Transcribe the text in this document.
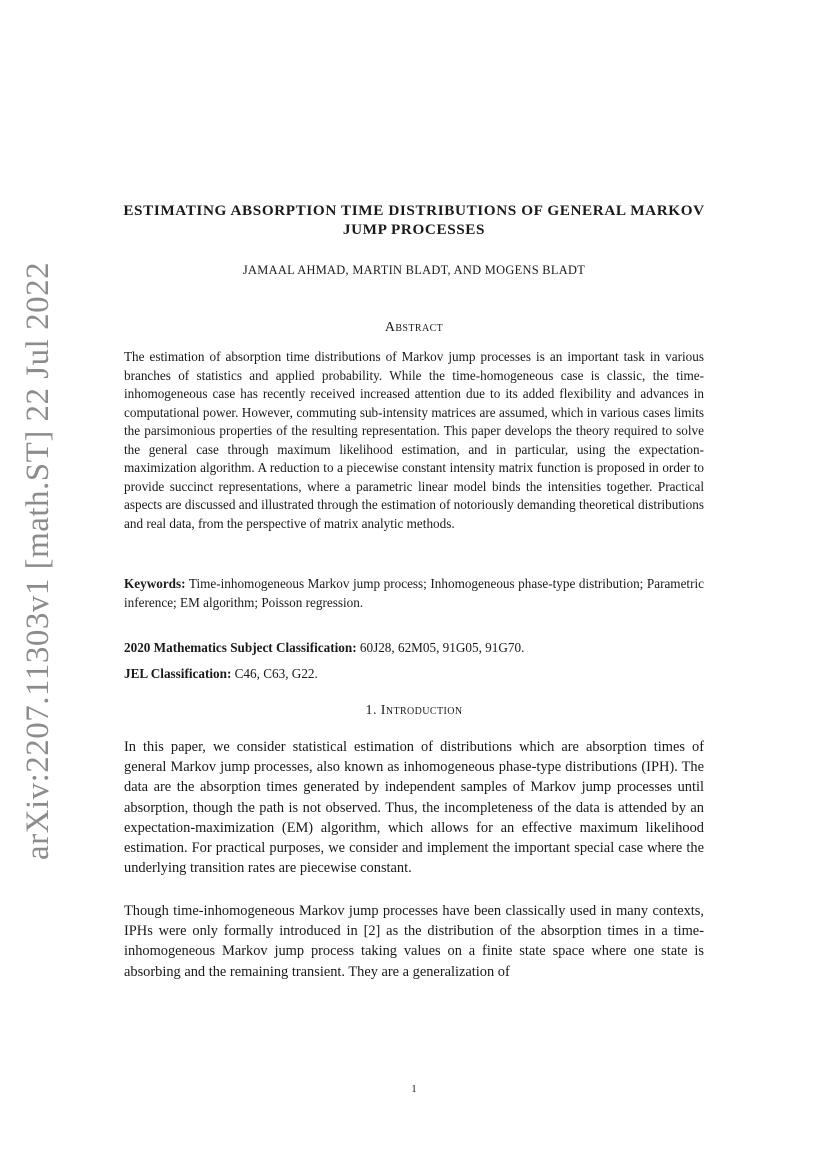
arXiv:2207.11303v1 [math.ST] 22 Jul 2022
ESTIMATING ABSORPTION TIME DISTRIBUTIONS OF GENERAL MARKOV JUMP PROCESSES
JAMAAL AHMAD, MARTIN BLADT, AND MOGENS BLADT
Abstract
The estimation of absorption time distributions of Markov jump processes is an important task in various branches of statistics and applied probability. While the time-homogeneous case is classic, the time-inhomogeneous case has recently received increased attention due to its added flexibility and advances in computational power. However, commuting sub-intensity matrices are assumed, which in various cases limits the parsimonious properties of the resulting representation. This paper develops the theory required to solve the general case through maximum likelihood estimation, and in particular, using the expectation-maximization algorithm. A reduction to a piecewise constant intensity matrix function is proposed in order to provide succinct representations, where a parametric linear model binds the intensities together. Practical aspects are discussed and illustrated through the estimation of notoriously demanding theoretical distributions and real data, from the perspective of matrix analytic methods.
Keywords: Time-inhomogeneous Markov jump process; Inhomogeneous phase-type distribution; Parametric inference; EM algorithm; Poisson regression.
2020 Mathematics Subject Classification: 60J28, 62M05, 91G05, 91G70.
JEL Classification: C46, C63, G22.
1. Introduction
In this paper, we consider statistical estimation of distributions which are absorption times of general Markov jump processes, also known as inhomogeneous phase-type distributions (IPH). The data are the absorption times generated by independent samples of Markov jump processes until absorption, though the path is not observed. Thus, the incompleteness of the data is attended by an expectation-maximization (EM) algorithm, which allows for an effective maximum likelihood estimation. For practical purposes, we consider and implement the important special case where the underlying transition rates are piecewise constant.
Though time-inhomogeneous Markov jump processes have been classically used in many contexts, IPHs were only formally introduced in [2] as the distribution of the absorption times in a time-inhomogeneous Markov jump process taking values on a finite state space where one state is absorbing and the remaining transient. They are a generalization of
1
